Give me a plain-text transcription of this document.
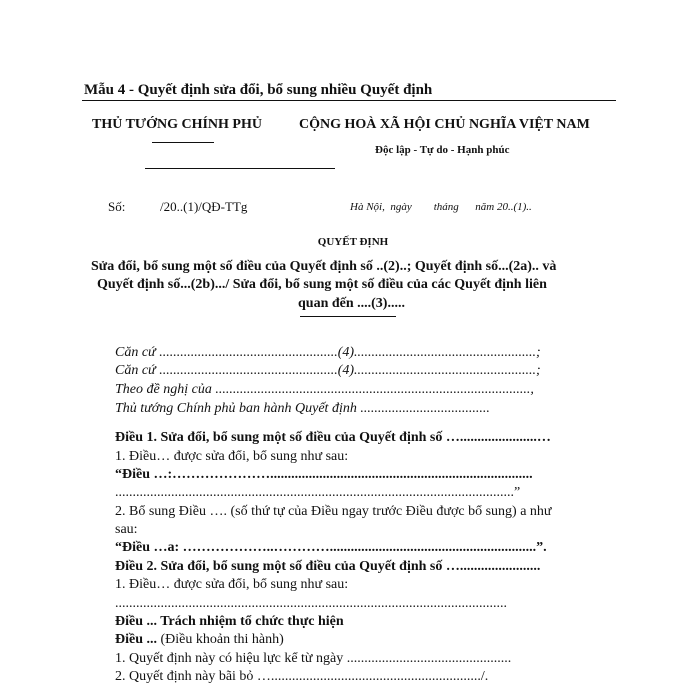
Mẫu 4 - Quyết định sửa đổi, bổ sung nhiều Quyết định
THỦ TƯỚNG CHÍNH PHỦ	CỘNG HOÀ XÃ HỘI CHỦ NGHĨA VIỆT NAM
Độc lập - Tự do - Hạnh phúc
Số:	/20..(1)/QĐ-TTg	Hà Nội,  ngày        tháng      năm 20..(1)..
QUYẾT ĐỊNH
Sửa đổi, bổ sung một số điều của Quyết định số ..(2)..; Quyết định số...(2a).. và
Quyết định số...(2b).../ Sửa đổi, bổ sung một số điều của các Quyết định liên
quan đến ....(3).....
Căn cứ ...................................................(4)....................................................;
Căn cứ ...................................................(4)....................................................;
Theo đề nghị của ..........................................................................................,
Thủ tướng Chính phủ ban hành Quyết định .....................................
Điều 1. Sửa đổi, bổ sung một số điều của Quyết định số …......................…
1. Điều… được sửa đổi, bổ sung như sau:
“Điều …:…………………...........................................................................
..................................................................................................................”
2. Bổ sung Điều …. (số thứ tự của Điều ngay trước Điều được bổ sung) a như
sau:
“Điều …a: ………………..…………...........................................................”.
Điều 2. Sửa đổi, bổ sung một số điều của Quyết định số ….......................
1. Điều… được sửa đổi, bổ sung như sau:
................................................................................................................
Điều ... Trách nhiệm tổ chức thực hiện
Điều ... (Điều khoản thi hành)
1. Quyết định này có hiệu lực kể từ ngày ...............................................
2. Quyết định này bãi bỏ …............................................................/.
